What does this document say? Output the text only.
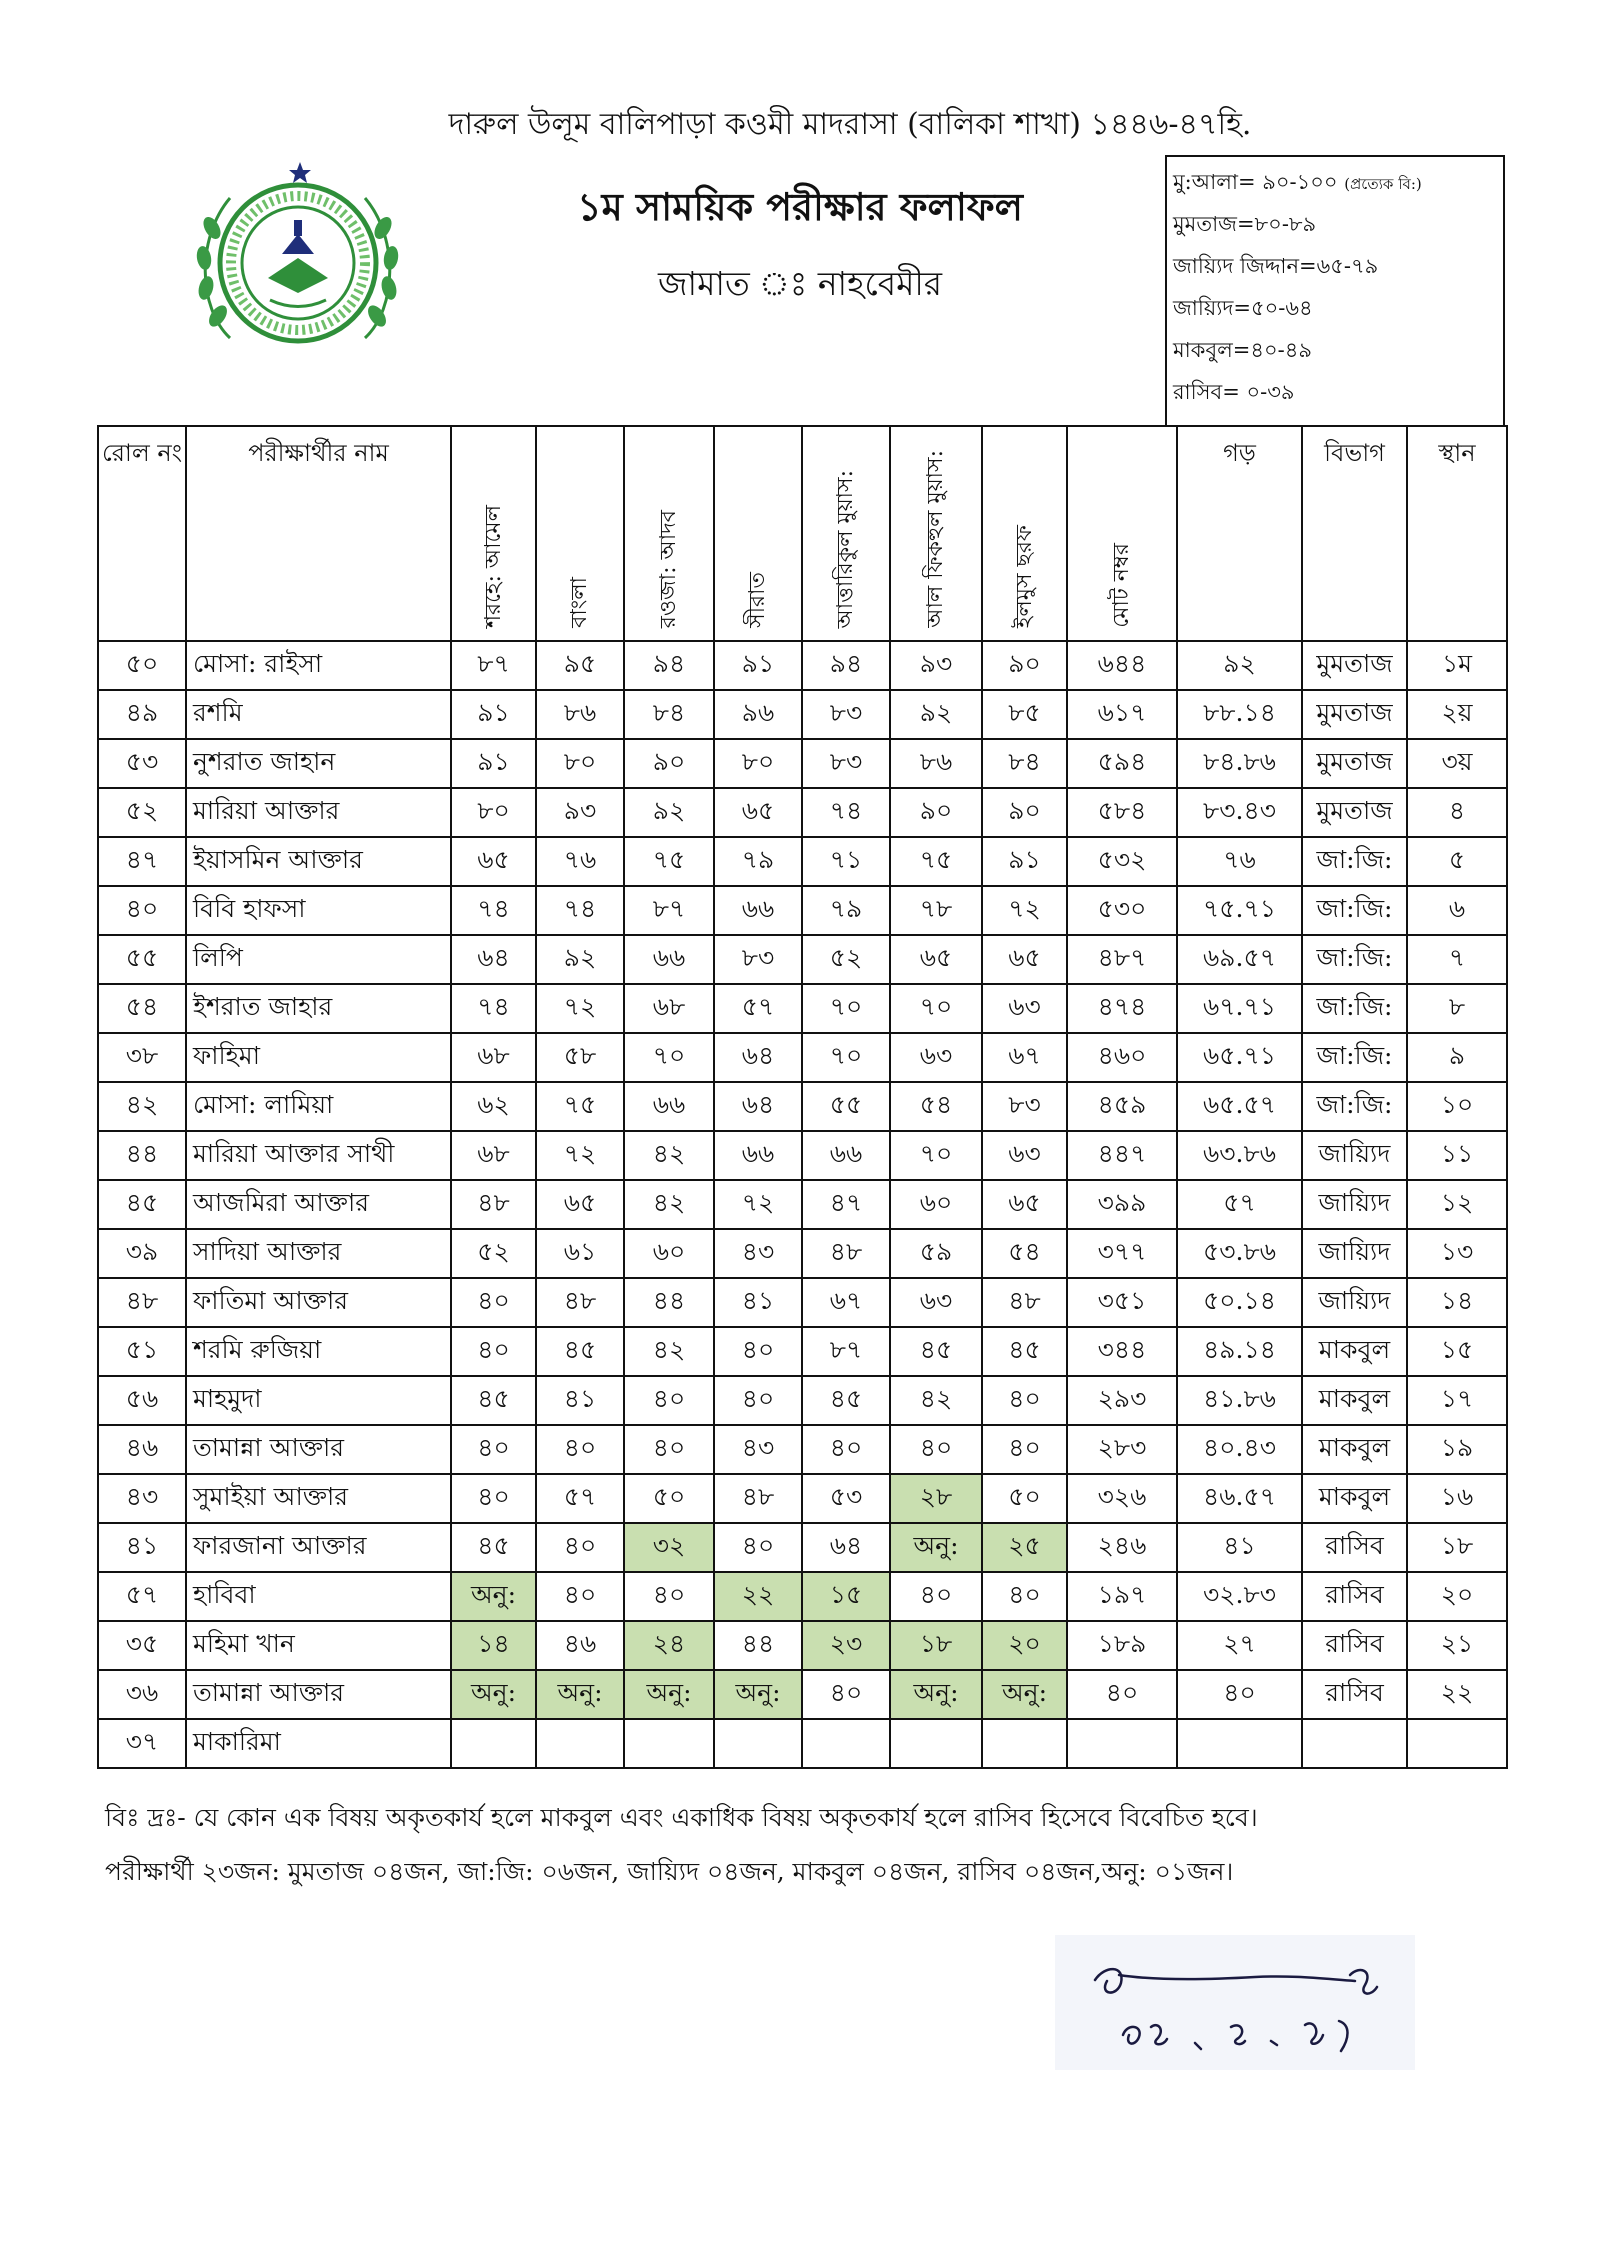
দারুল উলূম বালিপাড়া কওমী মাদরাসা (বালিকা শাখা) ১৪৪৬-৪৭হি.
১ম সাময়িক পরীক্ষার ফলাফল
জামাত ঃ নাহবেমীর
মু:আলা= ৯০-১০০ (প্রত্যেক বি:)
মুমতাজ=৮০-৮৯
জায়্যিদ জিদ্দান=৬৫-৭৯
জায়্যিদ=৫০-৬৪
মাকবুল=৪০-৪৯
রাসিব= ০-৩৯
রোল নং	পরীক্ষার্থীর নাম	শরহে: আমেল	বাংলা	রওজা: আদব	সীরাত	আত্তারিকুল মুয়াস:	আল ফিকহুল মুয়াস:	ইলমুস ছরফ	মোট নম্বর	গড়	বিভাগ	স্থান
৫০	মোসা: রাইসা	৮৭	৯৫	৯৪	৯১	৯৪	৯৩	৯০	৬৪৪	৯২	মুমতাজ	১ম
৪৯	রশমি	৯১	৮৬	৮৪	৯৬	৮৩	৯২	৮৫	৬১৭	৮৮.১৪	মুমতাজ	২য়
৫৩	নুশরাত জাহান	৯১	৮০	৯০	৮০	৮৩	৮৬	৮৪	৫৯৪	৮৪.৮৬	মুমতাজ	৩য়
৫২	মারিয়া আক্তার	৮০	৯৩	৯২	৬৫	৭৪	৯০	৯০	৫৮৪	৮৩.৪৩	মুমতাজ	৪
৪৭	ইয়াসমিন আক্তার	৬৫	৭৬	৭৫	৭৯	৭১	৭৫	৯১	৫৩২	৭৬	জা:জি:	৫
৪০	বিবি হাফসা	৭৪	৭৪	৮৭	৬৬	৭৯	৭৮	৭২	৫৩০	৭৫.৭১	জা:জি:	৬
৫৫	লিপি	৬৪	৯২	৬৬	৮৩	৫২	৬৫	৬৫	৪৮৭	৬৯.৫৭	জা:জি:	৭
৫৪	ইশরাত জাহার	৭৪	৭২	৬৮	৫৭	৭০	৭০	৬৩	৪৭৪	৬৭.৭১	জা:জি:	৮
৩৮	ফাহিমা	৬৮	৫৮	৭০	৬৪	৭০	৬৩	৬৭	৪৬০	৬৫.৭১	জা:জি:	৯
৪২	মোসা: লামিয়া	৬২	৭৫	৬৬	৬৪	৫৫	৫৪	৮৩	৪৫৯	৬৫.৫৭	জা:জি:	১০
৪৪	মারিয়া আক্তার সাথী	৬৮	৭২	৪২	৬৬	৬৬	৭০	৬৩	৪৪৭	৬৩.৮৬	জায়্যিদ	১১
৪৫	আজমিরা আক্তার	৪৮	৬৫	৪২	৭২	৪৭	৬০	৬৫	৩৯৯	৫৭	জায়্যিদ	১২
৩৯	সাদিয়া আক্তার	৫২	৬১	৬০	৪৩	৪৮	৫৯	৫৪	৩৭৭	৫৩.৮৬	জায়্যিদ	১৩
৪৮	ফাতিমা আক্তার	৪০	৪৮	৪৪	৪১	৬৭	৬৩	৪৮	৩৫১	৫০.১৪	জায়্যিদ	১৪
৫১	শরমি রুজিয়া	৪০	৪৫	৪২	৪০	৮৭	৪৫	৪৫	৩৪৪	৪৯.১৪	মাকবুল	১৫
৫৬	মাহমুদা	৪৫	৪১	৪০	৪০	৪৫	৪২	৪০	২৯৩	৪১.৮৬	মাকবুল	১৭
৪৬	তামান্না আক্তার	৪০	৪০	৪০	৪৩	৪০	৪০	৪০	২৮৩	৪০.৪৩	মাকবুল	১৯
৪৩	সুমাইয়া আক্তার	৪০	৫৭	৫০	৪৮	৫৩	২৮	৫০	৩২৬	৪৬.৫৭	মাকবুল	১৬
৪১	ফারজানা আক্তার	৪৫	৪০	৩২	৪০	৬৪	অনু:	২৫	২৪৬	৪১	রাসিব	১৮
৫৭	হাবিবা	অনু:	৪০	৪০	২২	১৫	৪০	৪০	১৯৭	৩২.৮৩	রাসিব	২০
৩৫	মহিমা খান	১৪	৪৬	২৪	৪৪	২৩	১৮	২০	১৮৯	২৭	রাসিব	২১
৩৬	তামান্না আক্তার	অনু:	অনু:	অনু:	অনু:	৪০	অনু:	অনু:	৪০	৪০	রাসিব	২২
৩৭	মাকারিমা											
বিঃ দ্রঃ- যে কোন এক বিষয় অকৃতকার্য হলে মাকবুল এবং একাধিক বিষয় অকৃতকার্য হলে রাসিব হিসেবে বিবেচিত হবে।
পরীক্ষার্থী ২৩জন: মুমতাজ ০৪জন, জা:জি: ০৬জন, জায়্যিদ ০৪জন, মাকবুল ০৪জন, রাসিব ০৪জন,অনু: ০১জন।
২৫. ২. ৪৭
